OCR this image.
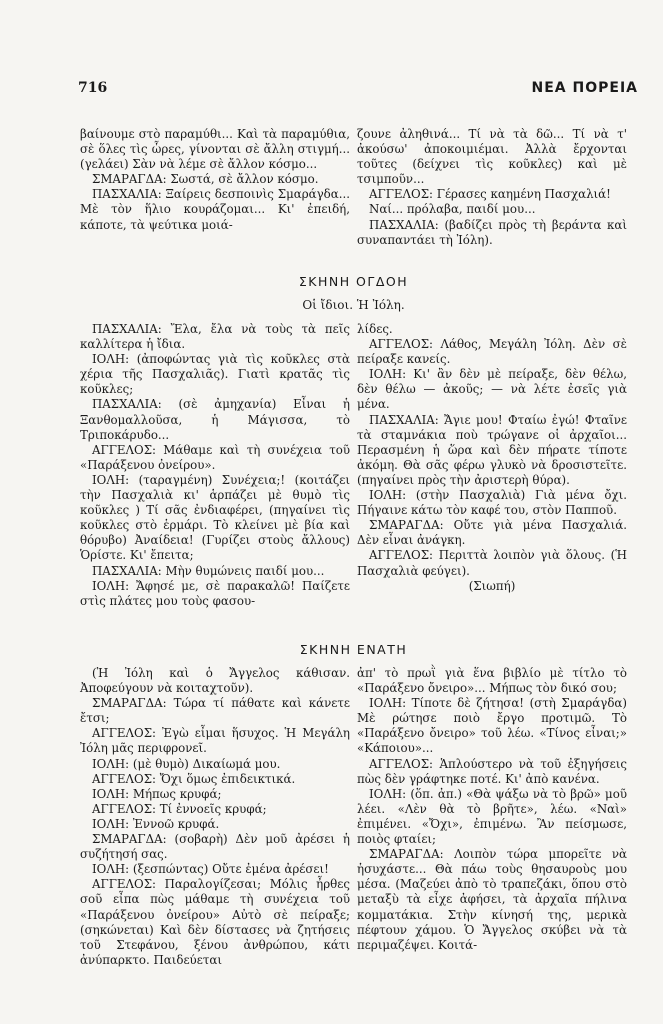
716	ΝΕΑ ΠΟΡΕΙΑ

βαίνουμε στὸ παραμύθι... Καὶ τὰ παραμύθια, σὲ ὅλες τὶς ὧρες, γίνονται σὲ ἄλλη στιγμή... (γελάει) Σὰν νὰ λέμε σὲ ἄλλον κόσμο...

ΣΜΑΡΑΓΔΑ: Σωστά, σὲ ἄλλον κόσμο.

ΠΑΣΧΑΛΙΑ: Ξαίρεις δεσποινὶς Σμαράγδα... Μὲ τὸν ἥλιο κουράζομαι... Κι' ἐπειδή, κάποτε, τὰ ψεύτικα μοιά-

ζουνε ἀληθινά... Τί νὰ τὰ δῶ... Τί νὰ τ' ἀκούσω' ἀποκοιμιέμαι. Ἀλλὰ ἔρχονται τοῦτες (δείχνει τὶς κοῦκλες) καὶ μὲ τσιμποῦν...

ΑΓΓΕΛΟΣ: Γέρασες καημένη Πασχαλιά!

Ναί... πρόλαβα, παιδί μου...

ΠΑΣΧΑΛΙΑ: (βαδίζει πρὸς τὴ βεράντα καὶ συναπαντάει τὴ Ἰόλη).

ΣΚΗΝΗ ΟΓΔΟΗ
Οἱ ἴδιοι. Ἡ Ἰόλη.

ΠΑΣΧΑΛΙΑ: Ἔλα, ἔλα νὰ τοὺς τὰ πεῖς καλλίτερα ἡ ἴδια.

ΙΟΛΗ: (ἀποφώντας γιὰ τὶς κοῦκλες στὰ χέρια τῆς Πασχαλιᾶς). Γιατὶ κρατᾶς τὶς κοῦκλες;

ΠΑΣΧΑΛΙΑ: (σὲ ἀμηχανία) Εἶναι ἡ Ξανθομαλλοῦσα, ἡ Μάγισσα, τὸ Τριποκάρυδο...

ΑΓΓΕΛΟΣ: Μάθαμε καὶ τὴ συνέχεια τοῦ «Παράξενου ὀνείρου».

ΙΟΛΗ: (ταραγμένη) Συνέχεια;! (κοιτάζει τὴν Πασχαλιὰ κι' ἁρπάζει μὲ θυμὸ τὶς κοῦκλες ) Τί σᾶς ἐνδιαφέρει, (πηγαίνει τὶς κοῦκλες στὸ ἑρμάρι. Τὸ κλείνει μὲ βία καὶ θόρυβο) Ἀναίδεια! (Γυρίζει στοὺς ἄλλους) Ὁρίστε. Κι' ἔπειτα;

ΠΑΣΧΑΛΙΑ: Μὴν θυμώνεις παιδί μου...

ΙΟΛΗ: Ἄφησέ με, σὲ παρακαλῶ! Παίζετε στὶς πλάτες μου τοὺς φασου-

λίδες.

ΑΓΓΕΛΟΣ: Λάθος, Μεγάλη Ἰόλη. Δὲν σὲ πείραξε κανείς.

ΙΟΛΗ: Κι' ἂν δὲν μὲ πείραξε, δὲν θέλω, δὲν θέλω — ἀκοῦς; — νὰ λέτε ἐσεῖς γιὰ μένα.

ΠΑΣΧΑΛΙΑ: Ἄγιε μου! Φταίω ἐγώ! Φταῖνε τὰ σταμνάκια ποὺ τρώγανε οἱ ἀρχαῖοι... Περασμένη ἡ ὥρα καὶ δὲν πήρατε τίποτε ἀκόμη. Θὰ σᾶς φέρω γλυκὸ νὰ δροσιστεῖτε. (πηγαίνει πρὸς τὴν ἀριστερὴ θύρα).

ΙΟΛΗ: (στὴν Πασχαλιὰ) Γιὰ μένα ὄχι. Πήγαινε κάτω τὸν καφέ του, στὸν Παπποῦ.

ΣΜΑΡΑΓΔΑ: Οὔτε γιὰ μένα Πασχαλιά. Δὲν εἶναι ἀνάγκη.

ΑΓΓΕΛΟΣ: Περιττὰ λοιπὸν γιὰ ὅλους. (Ἡ Πασχαλιὰ φεύγει).

(Σιωπή)

ΣΚΗΝΗ ΕΝΑΤΗ

(Ἡ Ἰόλη καὶ ὁ Ἄγγελος κάθισαν. Ἀποφεύγουν νὰ κοιταχτοῦν).

ΣΜΑΡΑΓΔΑ: Τώρα τί πάθατε καὶ κάνετε ἔτσι;

ΑΓΓΕΛΟΣ: Ἐγὼ εἶμαι ἥσυχος. Ἡ Μεγάλη Ἰόλη μᾶς περιφρονεῖ.

ΙΟΛΗ: (μὲ θυμὸ) Δικαίωμά μου.

ΑΓΓΕΛΟΣ: Ὄχι ὅμως ἐπιδεικτικά.

ΙΟΛΗ: Μήπως κρυφά;

ΑΓΓΕΛΟΣ: Τί ἐννοεῖς κρυφά;

ΙΟΛΗ: Ἐννοῶ κρυφά.

ΣΜΑΡΑΓΔΑ: (σοβαρὴ) Δὲν μοῦ ἀρέσει ἡ συζήτησή σας.

ΙΟΛΗ: (ξεσπώντας) Οὔτε ἐμένα ἀρέσει!

ΑΓΓΕΛΟΣ: Παραλογίζεσαι; Μόλις ἦρθες σοῦ εἶπα πὼς μάθαμε τὴ συνέχεια τοῦ «Παράξενου ὀνείρου» Αὐτὸ σὲ πείραξε; (σηκώνεται) Καὶ δὲν δίστασες νὰ ζητήσεις τοῦ Στεφάνου, ξένου ἀνθρώπου, κάτι ἀνύπαρκτο. Παιδεύεται

ἀπ' τὸ πρωῒ γιὰ ἕνα βιβλίο μὲ τίτλο τὸ «Παράξενο ὄνειρο»... Μήπως τὸν δικό σου;

ΙΟΛΗ: Τίποτε δὲ ζήτησα! (στὴ Σμαράγδα) Μὲ ρώτησε ποιὸ ἔργο προτιμῶ. Τὸ «Παράξενο ὄνειρο» τοῦ λέω. «Τίνος εἶναι;» «Κάποιου»...

ΑΓΓΕΛΟΣ: Ἁπλούστερο νὰ τοῦ ἐξηγήσεις πὼς δὲν γράφτηκε ποτέ. Κι' ἀπὸ κανένα.

ΙΟΛΗ: (ὅπ. ἀπ.) «Θὰ ψάξω νὰ τὸ βρῶ» μοῦ λέει. «Λὲν θὰ τὸ βρῆτε», λέω. «Ναὶ» ἐπιμένει. «Ὄχι», ἐπιμένω. Ἂν πείσμωσε, ποιὸς φταίει;

ΣΜΑΡΑΓΔΑ: Λοιπὸν τώρα μπορεῖτε νὰ ἡσυχάστε... Θὰ πάω τοὺς θησαυροὺς μου μέσα. (Μαζεύει ἀπὸ τὸ τραπεζάκι, ὅπου στὸ μεταξὺ τὰ εἶχε ἀφήσει, τὰ ἀρχαῖα πήλινα κομματάκια. Στὴν κίνησή της, μερικὰ πέφτουν χάμου. Ὁ Ἄγγελος σκύβει νὰ τὰ περιμαζέψει. Κοιτά-
